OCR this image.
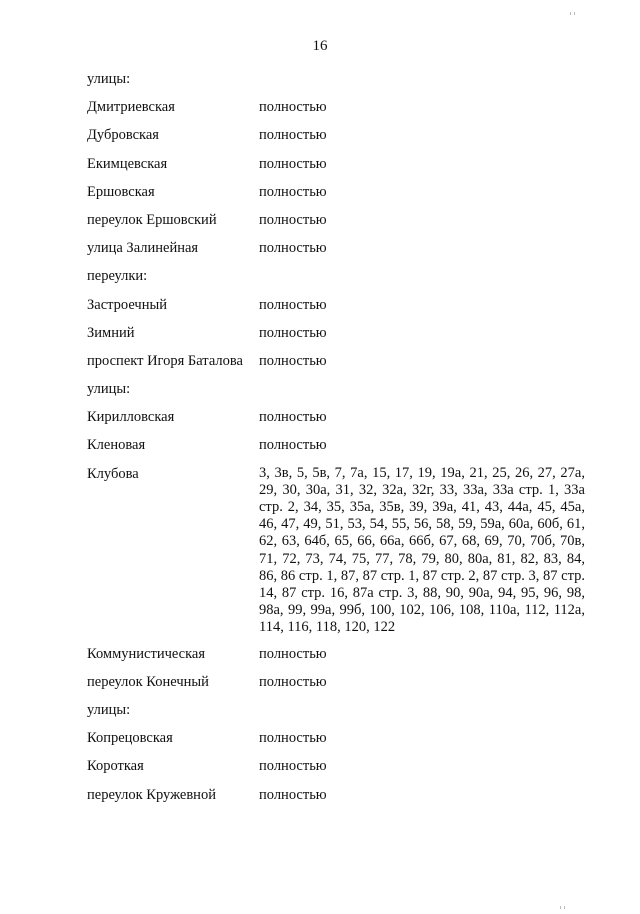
16
улицы:
Дмитриевская	полностью
Дубровская	полностью
Екимцевская	полностью
Ершовская	полностью
переулок Ершовский	полностью
улица Залинейная	полностью
переулки:
Застроечный	полностью
Зимний	полностью
проспект Игоря Баталова	полностью
улицы:
Кирилловская	полностью
Кленовая	полностью
Клубова	3, 3в, 5, 5в, 7, 7а, 15, 17, 19, 19а, 21, 25, 26, 27, 27а, 29, 30, 30а, 31, 32, 32а, 32г, 33, 33а, 33а стр. 1, 33а стр. 2, 34, 35, 35а, 35в, 39, 39а, 41, 43, 44а, 45, 45а, 46, 47, 49, 51, 53, 54, 55, 56, 58, 59, 59а, 60а, 60б, 61, 62, 63, 64б, 65, 66, 66а, 66б, 67, 68, 69, 70, 70б, 70в, 71, 72, 73, 74, 75, 77, 78, 79, 80, 80а, 81, 82, 83, 84, 86, 86 стр. 1, 87, 87 стр. 1, 87 стр. 2, 87 стр. 3, 87 стр. 14, 87 стр. 16, 87а стр. 3, 88, 90, 90а, 94, 95, 96, 98, 98а, 99, 99а, 99б, 100, 102, 106, 108, 110а, 112, 112а, 114, 116, 118, 120, 122
Коммунистическая	полностью
переулок Конечный	полностью
улицы:
Копрецовская	полностью
Короткая	полностью
переулок Кружевной	полностью
